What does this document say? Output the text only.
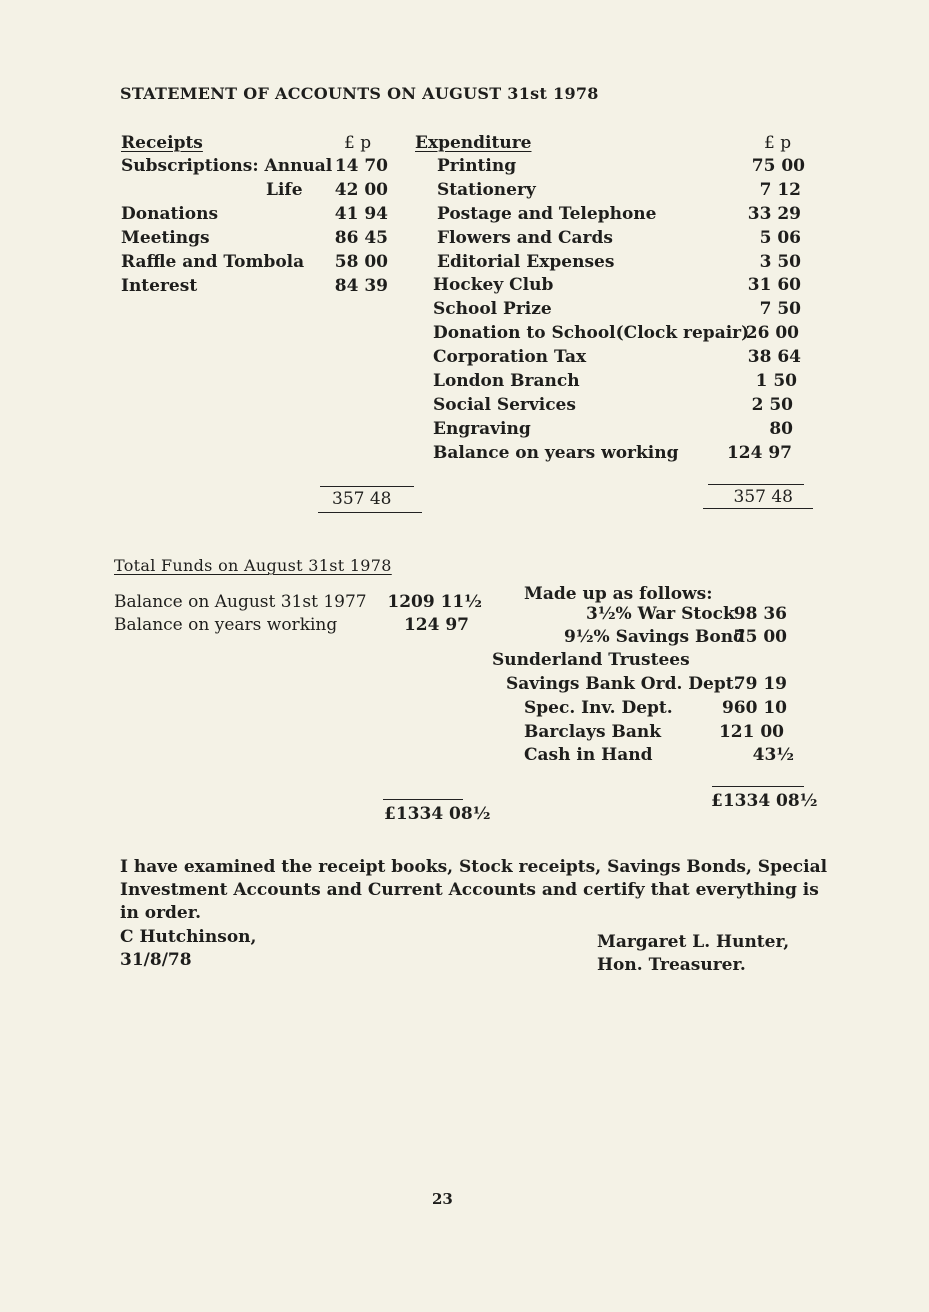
STATEMENT OF ACCOUNTS ON AUGUST 31st 1978
Receipts	£ p
Subscriptions: Annual 14 70
Life 42 00
Donations	41 94
Meetings	86 45
Raffle and Tombola 58 00
Interest	84 39
357 48
Expenditure	£ p
Printing	75 00
Stationery	7 12
Postage and Telephone	33 29
Flowers and Cards	5 06
Editorial Expenses	3 50
Hockey Club	31 60
School Prize	7 50
Donation to School(Clock repair)
26 00
Corporation Tax	38 64
London Branch	1 50
Social Services	2 50
Engraving	80
Balance on years working	124 97
357 48
Total Funds on August 31st 1978
Balance on August 31st 1977 1209 11½
Balance on years working	124 97
£1334 08½
Made up as follows:
3½% War Stock 98 36
9½% Savings Bond
75 00
Sunderland Trustees
Savings Bank Ord. Dept.
79 19
Spec. Inv. Dept.	960 10
Barclays Bank	121 00
Cash in Hand	43½
£1334 08½
I have examined the receipt books, Stock receipts, Savings Bonds, Special
Investment Accounts and Current Accounts and certify that everything is
in order.
C Hutchinson,
31/8/78
Margaret L. Hunter,
Hon. Treasurer.
23
